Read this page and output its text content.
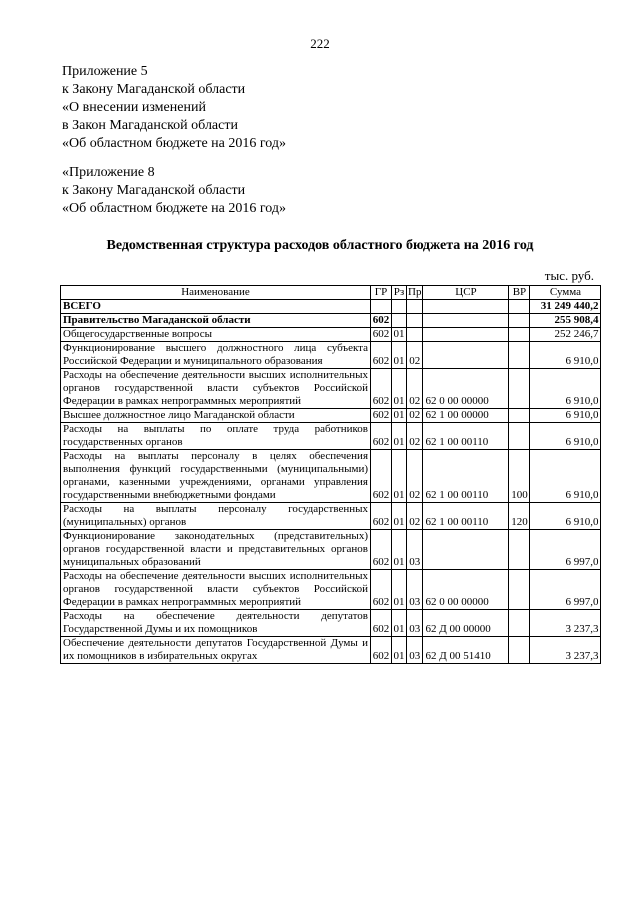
222
Приложение 5
к Закону Магаданской области
«О внесении изменений
в Закон Магаданской области
«Об областном бюджете на 2016 год»
«Приложение 8
к Закону Магаданской области
«Об областном бюджете на 2016 год»
Ведомственная структура расходов областного бюджета на 2016 год
тыс. руб.
Наименование	ГР	Рз	Пр	ЦСР	ВР	Сумма
ВСЕГО						31 249 440,2
Правительство Магаданской области	602					255 908,4
Общегосударственные вопросы	602	01				252 246,7
Функционирование высшего должностного лица субъекта Российской Федерации и муниципального образования	602	01	02			6 910,0
Расходы на обеспечение деятельности высших исполнительных органов государственной власти субъектов Российской Федерации в рамках непрограммных мероприятий	602	01	02	62 0 00 00000		6 910,0
Высшее должностное лицо Магаданской области	602	01	02	62 1 00 00000		6 910,0
Расходы на выплаты по оплате труда работников государственных органов	602	01	02	62 1 00 00110		6 910,0
Расходы на выплаты персоналу в целях обеспечения выполнения функций государственными (муниципальными) органами, казенными учреждениями, органами управления государственными внебюджетными фондами	602	01	02	62 1 00 00110	100	6 910,0
Расходы на выплаты персоналу государственных (муниципальных) органов	602	01	02	62 1 00 00110	120	6 910,0
Функционирование законодательных (представительных) органов государственной власти и представительных органов муниципальных образований	602	01	03			6 997,0
Расходы на обеспечение деятельности высших исполнительных органов государственной власти субъектов Российской Федерации в рамках непрограммных мероприятий	602	01	03	62 0 00 00000		6 997,0
Расходы на обеспечение деятельности депутатов Государственной Думы и их помощников	602	01	03	62 Д 00 00000		3 237,3
Обеспечение деятельности депутатов Государственной Думы и их помощников в избирательных округах	602	01	03	62 Д 00 51410		3 237,3
